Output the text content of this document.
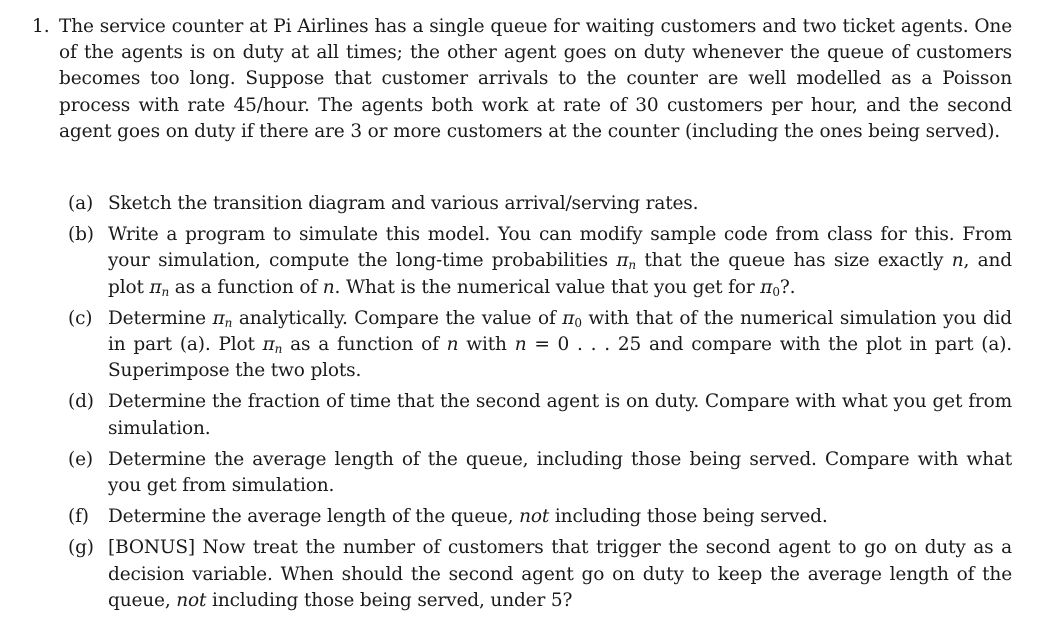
1. The service counter at Pi Airlines has a single queue for waiting customers and two ticket agents. One of the agents is on duty at all times; the other agent goes on duty whenever the queue of customers becomes too long. Suppose that customer arrivals to the counter are well modelled as a Poisson process with rate 45/hour. The agents both work at rate of 30 customers per hour, and the second agent goes on duty if there are 3 or more customers at the counter (including the ones being served).
(a) Sketch the transition diagram and various arrival/serving rates.
(b) Write a program to simulate this model. You can modify sample code from class for this. From your simulation, compute the long-time probabilities $\pi_n$ that the queue has size exactly n, and plot $\pi_n$ as a function of n. What is the numerical value that you get for $\pi_0$?.
(c) Determine $\pi_n$ analytically. Compare the value of $\pi_0$ with that of the numerical simulation you did in part (a). Plot $\pi_n$ as a function of n with n = 0 . . . 25 and compare with the plot in part (a). Superimpose the two plots.
(d) Determine the fraction of time that the second agent is on duty. Compare with what you get from simulation.
(e) Determine the average length of the queue, including those being served. Compare with what you get from simulation.
(f)	Determine the average length of the queue, not including those being served.
(g) [BONUS] Now treat the number of customers that trigger the second agent to go on duty as a decision variable. When should the second agent go on duty to keep the average length of the queue, not including those being served, under 5?
